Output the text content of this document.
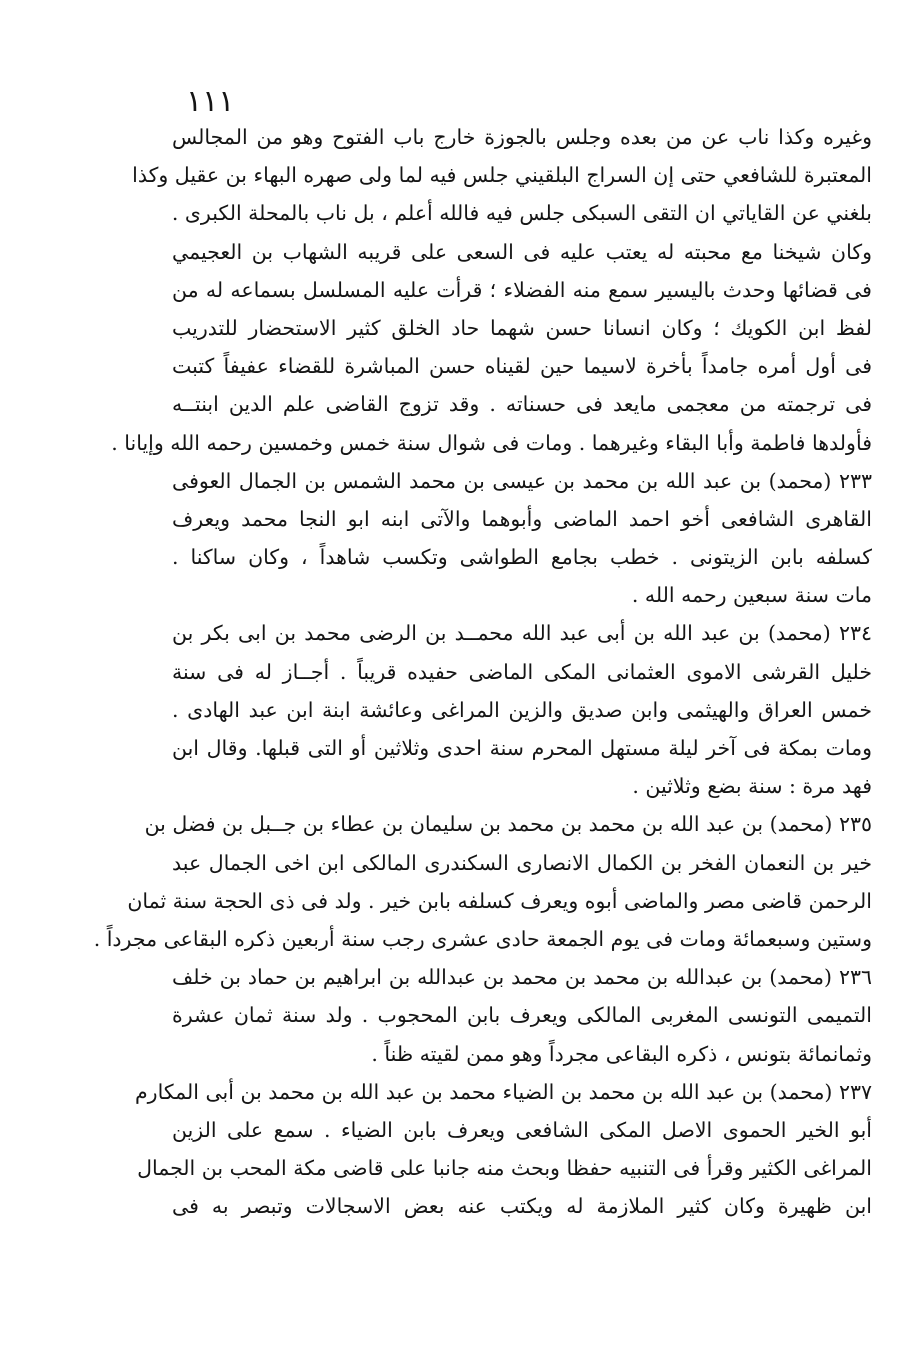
١١١
وغيره وكذا ناب عن من بعده وجلس بالجوزة خارج باب الفتوح وهو من المجالس
المعتبرة للشافعي حتى إن السراج البلقيني جلس فيه لما ولى صهره البهاء بن عقيل وكذا
بلغني عن القاياتي ان التقى السبكى جلس فيه فالله أعلم ، بل ناب بالمحلة الكبرى .
وكان شيخنا مع محبته له يعتب عليه فى السعى على قريبه الشهاب بن العجيمي
فى قضائها وحدث باليسير سمع منه الفضلاء ؛ قرأت عليه المسلسل بسماعه له من
لفظ ابن الكويك ؛ وكان انسانا حسن شهما حاد الخلق كثير الاستحضار للتدريب
فى أول أمره جامداً بأخرة لاسيما حين لقيناه حسن المباشرة للقضاء عفيفاً كتبت
فى ترجمته من معجمى مايعد فى حسناته . وقد تزوج القاضى علم الدين ابنتــه
فأولدها فاطمة وأبا البقاء وغيرهما . ومات فى شوال سنة خمس وخمسين رحمه الله وإيانا .
٢٣٣ (محمد) بن عبد الله بن محمد بن عيسى بن محمد الشمس بن الجمال العوفى
القاهرى الشافعى أخو احمد الماضى وأبوهما والآتى ابنه ابو النجا محمد ويعرف
كسلفه بابن الزيتونى . خطب بجامع الطواشى وتكسب شاهداً ، وكان ساكنا .
مات سنة سبعين رحمه الله .
٢٣٤ (محمد) بن عبد الله بن أبى عبد الله محمــد بن الرضى محمد بن ابى بكر بن
خليل القرشى الاموى العثمانى المكى الماضى حفيده قريباً . أجــاز له فى سنة
خمس العراق والهيثمى وابن صديق والزين المراغى وعائشة ابنة ابن عبد الهادى .
ومات بمكة فى آخر ليلة مستهل المحرم سنة احدى وثلاثين أو التى قبلها. وقال ابن
فهد مرة : سنة بضع وثلاثين .
٢٣٥ (محمد) بن عبد الله بن محمد بن محمد بن سليمان بن عطاء بن جــبل بن فضل بن
خير بن النعمان الفخر بن الكمال الانصارى السكندرى المالكى ابن اخى الجمال عبد
الرحمن قاضى مصر والماضى أبوه ويعرف كسلفه بابن خير . ولد فى ذى الحجة سنة ثمان
وستين وسبعمائة ومات فى يوم الجمعة حادى عشرى رجب سنة أربعين ذكره البقاعى مجرداً .
٢٣٦ (محمد) بن عبدالله بن محمد بن محمد بن عبدالله بن ابراهيم بن حماد بن خلف
التميمى التونسى المغربى المالكى ويعرف بابن المحجوب . ولد سنة ثمان عشرة
وثمانمائة بتونس ، ذكره البقاعى مجرداً وهو ممن لقيته ظناً .
٢٣٧ (محمد) بن عبد الله بن محمد بن الضياء محمد بن عبد الله بن محمد بن أبى المكارم
أبو الخير الحموى الاصل المكى الشافعى ويعرف بابن الضياء . سمع على الزين
المراغى الكثير وقرأ فى التنبيه حفظا وبحث منه جانبا على قاضى مكة المحب بن الجمال
ابن ظهيرة وكان كثير الملازمة له ويكتب عنه بعض الاسجالات وتبصر به فى
